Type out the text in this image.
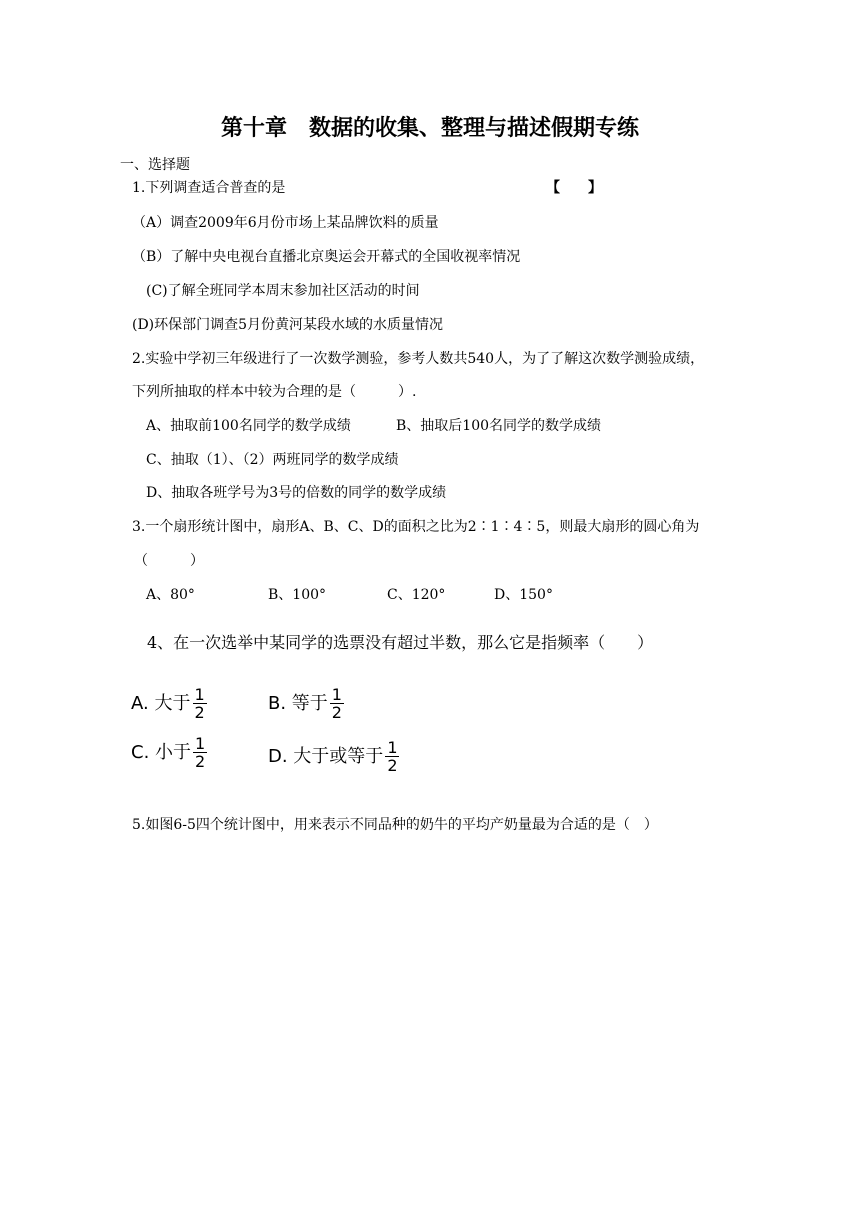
第十章　数据的收集、整理与描述假期专练
一、选择题
1.下列调查适合普查的是	【　　】
（A）调查2009年6月份市场上某品牌饮料的质量
（B）了解中央电视台直播北京奥运会开幕式的全国收视率情况
(C)了解全班同学本周末参加社区活动的时间
(D)环保部门调查5月份黄河某段水域的水质量情况
2.实验中学初三年级进行了一次数学测验，参考人数共540人，为了了解这次数学测验成绩，
下列所抽取的样本中较为合理的是（　　　）.
A、抽取前100名同学的数学成绩	B、抽取后100名同学的数学成绩
C、抽取（1）、（2）两班同学的数学成绩
D、抽取各班学号为3号的倍数的同学的数学成绩
3.一个扇形统计图中，扇形A、B、C、D的面积之比为2∶1∶4∶5，则最大扇形的圆心角为
（　　　）
A、80°	B、100°	C、120°	D、150°
4、在一次选举中某同学的选票没有超过半数，那么它是指频率（　　）
A. 大于 $\frac{1}{2}$	B. 等于 $\frac{1}{2}$
C. 小于 $\frac{1}{2}$	D. 大于或等于 $\frac{1}{2}$
5.如图6-5四个统计图中，用来表示不同品种的奶牛的平均产奶量最为合适的是（　）
